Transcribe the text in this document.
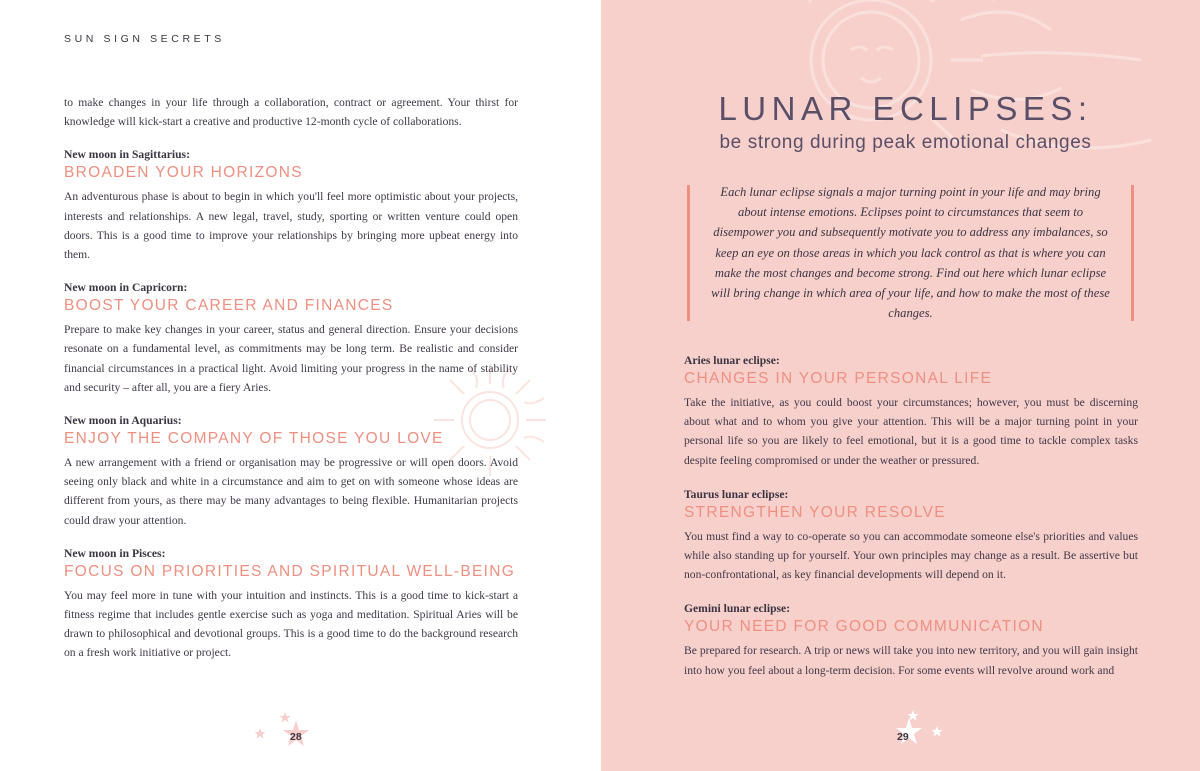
SUN SIGN SECRETS

to make changes in your life through a collaboration, contract or agreement. Your thirst for knowledge will kick-start a creative and productive 12-month cycle of collaborations.

New moon in Sagittarius:
BROADEN YOUR HORIZONS

An adventurous phase is about to begin in which you'll feel more optimistic about your projects, interests and relationships. A new legal, travel, study, sporting or written venture could open doors. This is a good time to improve your relationships by bringing more upbeat energy into them.

New moon in Capricorn:
BOOST YOUR CAREER AND FINANCES

Prepare to make key changes in your career, status and general direction. Ensure your decisions resonate on a fundamental level, as commitments may be long term. Be realistic and consider financial circumstances in a practical light. Avoid limiting your progress in the name of stability and security – after all, you are a fiery Aries.

New moon in Aquarius:
ENJOY THE COMPANY OF THOSE YOU LOVE

A new arrangement with a friend or organisation may be progressive or will open doors. Avoid seeing only black and white in a circumstance and aim to get on with someone whose ideas are different from yours, as there may be many advantages to being flexible. Humanitarian projects could draw your attention.

New moon in Pisces:
FOCUS ON PRIORITIES AND SPIRITUAL WELL-BEING

You may feel more in tune with your intuition and instincts. This is a good time to kick-start a fitness regime that includes gentle exercise such as yoga and meditation. Spiritual Aries will be drawn to philosophical and devotional groups. This is a good time to do the background research on a fresh work initiative or project.

28
LUNAR ECLIPSES:
be strong during peak emotional changes

Each lunar eclipse signals a major turning point in your life and may bring about intense emotions. Eclipses point to circumstances that seem to disempower you and subsequently motivate you to address any imbalances, so keep an eye on those areas in which you lack control as that is where you can make the most changes and become strong. Find out here which lunar eclipse will bring change in which area of your life, and how to make the most of these changes.

Aries lunar eclipse:
CHANGES IN YOUR PERSONAL LIFE

Take the initiative, as you could boost your circumstances; however, you must be discerning about what and to whom you give your attention. This will be a major turning point in your personal life so you are likely to feel emotional, but it is a good time to tackle complex tasks despite feeling compromised or under the weather or pressured.

Taurus lunar eclipse:
STRENGTHEN YOUR RESOLVE

You must find a way to co-operate so you can accommodate someone else's priorities and values while also standing up for yourself. Your own principles may change as a result. Be assertive but non-confrontational, as key financial developments will depend on it.

Gemini lunar eclipse:
YOUR NEED FOR GOOD COMMUNICATION

Be prepared for research. A trip or news will take you into new territory, and you will gain insight into how you feel about a long-term decision. For some events will revolve around work and

29
